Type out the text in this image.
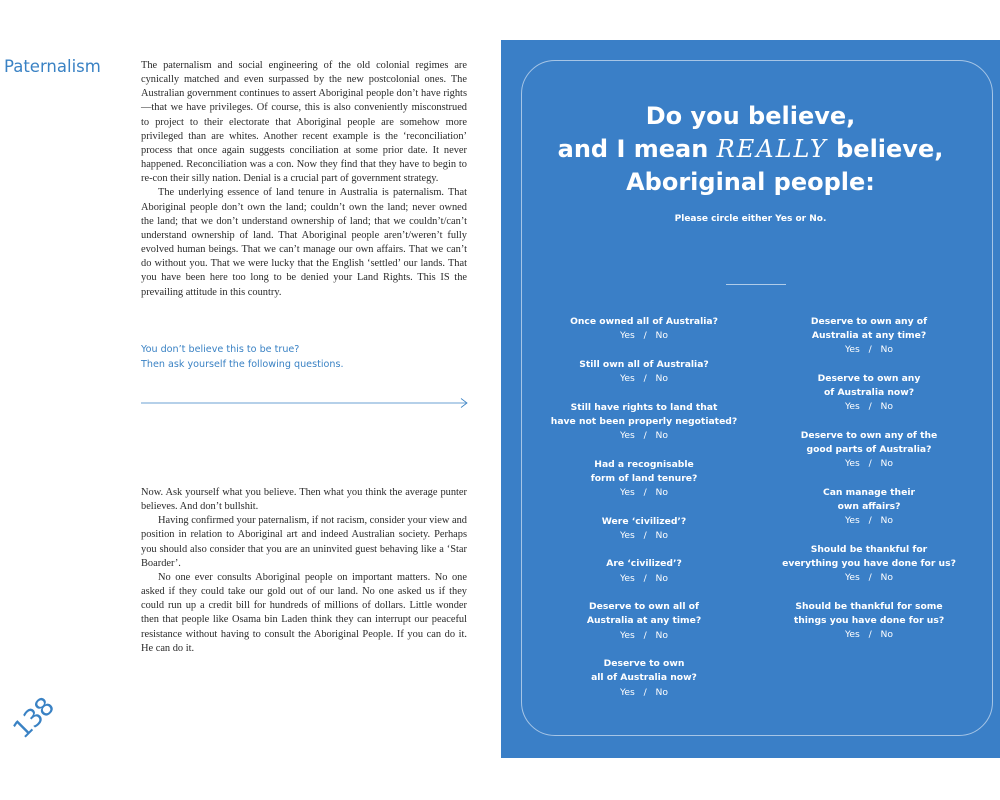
Paternalism	The paternalism and social engineering of the old colonial regimes are cynically matched and even surpassed by the new postcolonial ones. The Australian government continues to assert Aboriginal people don’t have rights—that we have privileges. Of course, this is also conveniently misconstrued to project to their electorate that Aboriginal people are somehow more privileged than are whites. Another recent example is the ‘reconciliation’ process that once again suggests conciliation at some prior date. It never happened. Reconciliation was a con. Now they find that they have to begin to re-con their silly nation. Denial is a crucial part of government strategy.

The underlying essence of land tenure in Australia is paternalism. That Aboriginal people don’t own the land; couldn’t own the land; never owned the land; that we don’t understand ownership of land; that we couldn’t/can’t understand ownership of land. That Aboriginal people aren’t/weren’t fully evolved human beings. That we can’t manage our own affairs. That we can’t do without you. That we were lucky that the English ‘settled’ our lands. That you have been here too long to be denied your Land Rights. This IS the prevailing attitude in this country.

You don’t believe this to be true?
Then ask yourself the following questions.

Now. Ask yourself what you believe. Then what you think the average punter believes. And don’t bullshit.

Having confirmed your paternalism, if not racism, consider your view and position in relation to Aboriginal art and indeed Australian society. Perhaps you should also consider that you are an uninvited guest behaving like a ‘Star Boarder’.

No one ever consults Aboriginal people on important matters. No one asked if they could take our gold out of our land. No one asked us if they could run up a credit bill for hundreds of millions of dollars. Little wonder then that people like Osama bin Laden think they can interrupt our peaceful resistance without having to consult the Aboriginal People. If you can do it. He can do it.

138
Do you believe,
and I mean REALLY believe,
Aboriginal people:
Please circle either Yes or No.
Once owned all of Australia?
Yes   /   No
Still own all of Australia?
Yes   /   No
Still have rights to land that
have not been properly negotiated?
Yes   /   No
Had a recognisable
form of land tenure?
Yes   /   No
Were ‘civilized’?
Yes   /   No
Are ‘civilized’?
Yes   /   No
Deserve to own all of
Australia at any time?
Yes   /   No
Deserve to own
all of Australia now?
Yes   /   No
Deserve to own any of
Australia at any time?
Yes   /   No
Deserve to own any
of Australia now?
Yes   /   No
Deserve to own any of the
good parts of Australia?
Yes   /   No
Can manage their
own affairs?
Yes   /   No
Should be thankful for
everything you have done for us?
Yes   /   No
Should be thankful for some
things you have done for us?
Yes   /   No
